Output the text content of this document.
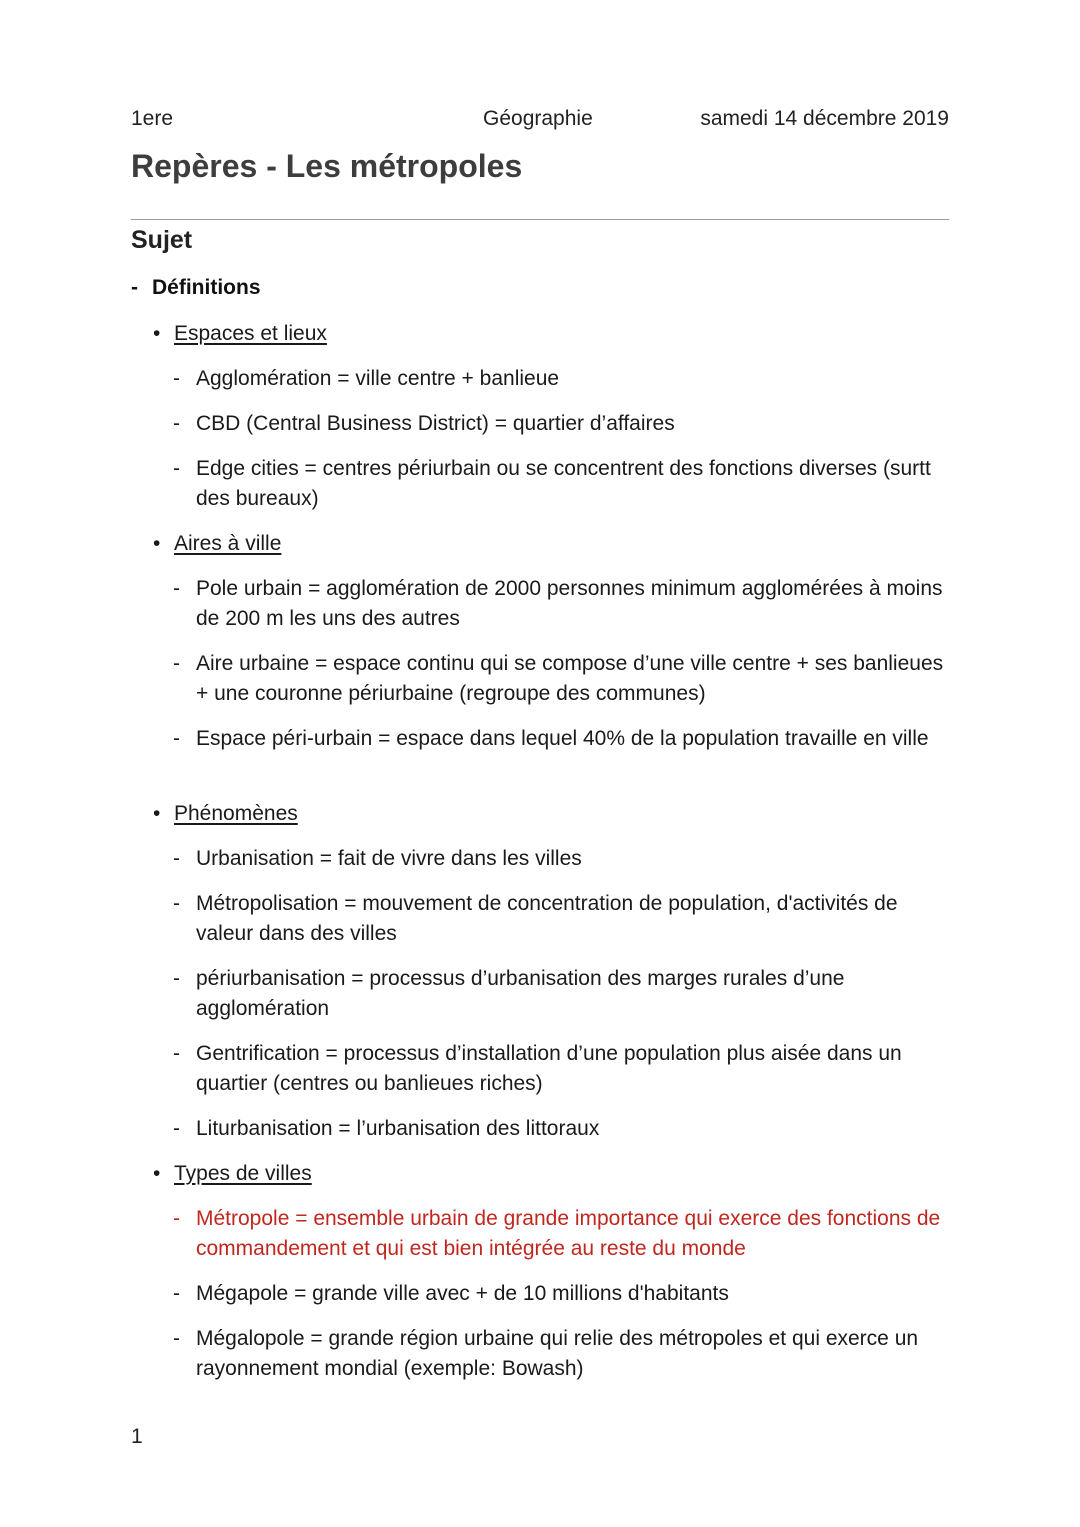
1ere	Géographie	samedi 14 décembre 2019
Repères - Les métropoles
Sujet
- Définitions
• Espaces et lieux
- Agglomération = ville centre + banlieue
- CBD (Central Business District) = quartier d’affaires
- Edge cities = centres périurbain ou se concentrent des fonctions diverses (surtt des bureaux)
• Aires à ville
- Pole urbain = agglomération de 2000 personnes minimum agglomérées à moins de 200 m les uns des autres
- Aire urbaine = espace continu qui se compose d’une ville centre + ses banlieues + une couronne périurbaine (regroupe des communes)
- Espace péri-urbain = espace dans lequel 40% de la population travaille en ville
• Phénomènes
- Urbanisation = fait de vivre dans les villes
- Métropolisation = mouvement de concentration de population, d'activités de valeur dans des villes
- périurbanisation = processus d’urbanisation des marges rurales d’une agglomération
- Gentrification = processus d’installation d’une population plus aisée dans un quartier (centres ou banlieues riches)
- Liturbanisation = l’urbanisation des littoraux
• Types de villes
- Métropole = ensemble urbain de grande importance qui exerce des fonctions de commandement et qui est bien intégrée au reste du monde
- Mégapole = grande ville avec + de 10 millions d'habitants
- Mégalopole = grande région urbaine qui relie des métropoles et qui exerce un rayonnement mondial (exemple: Bowash)
1
